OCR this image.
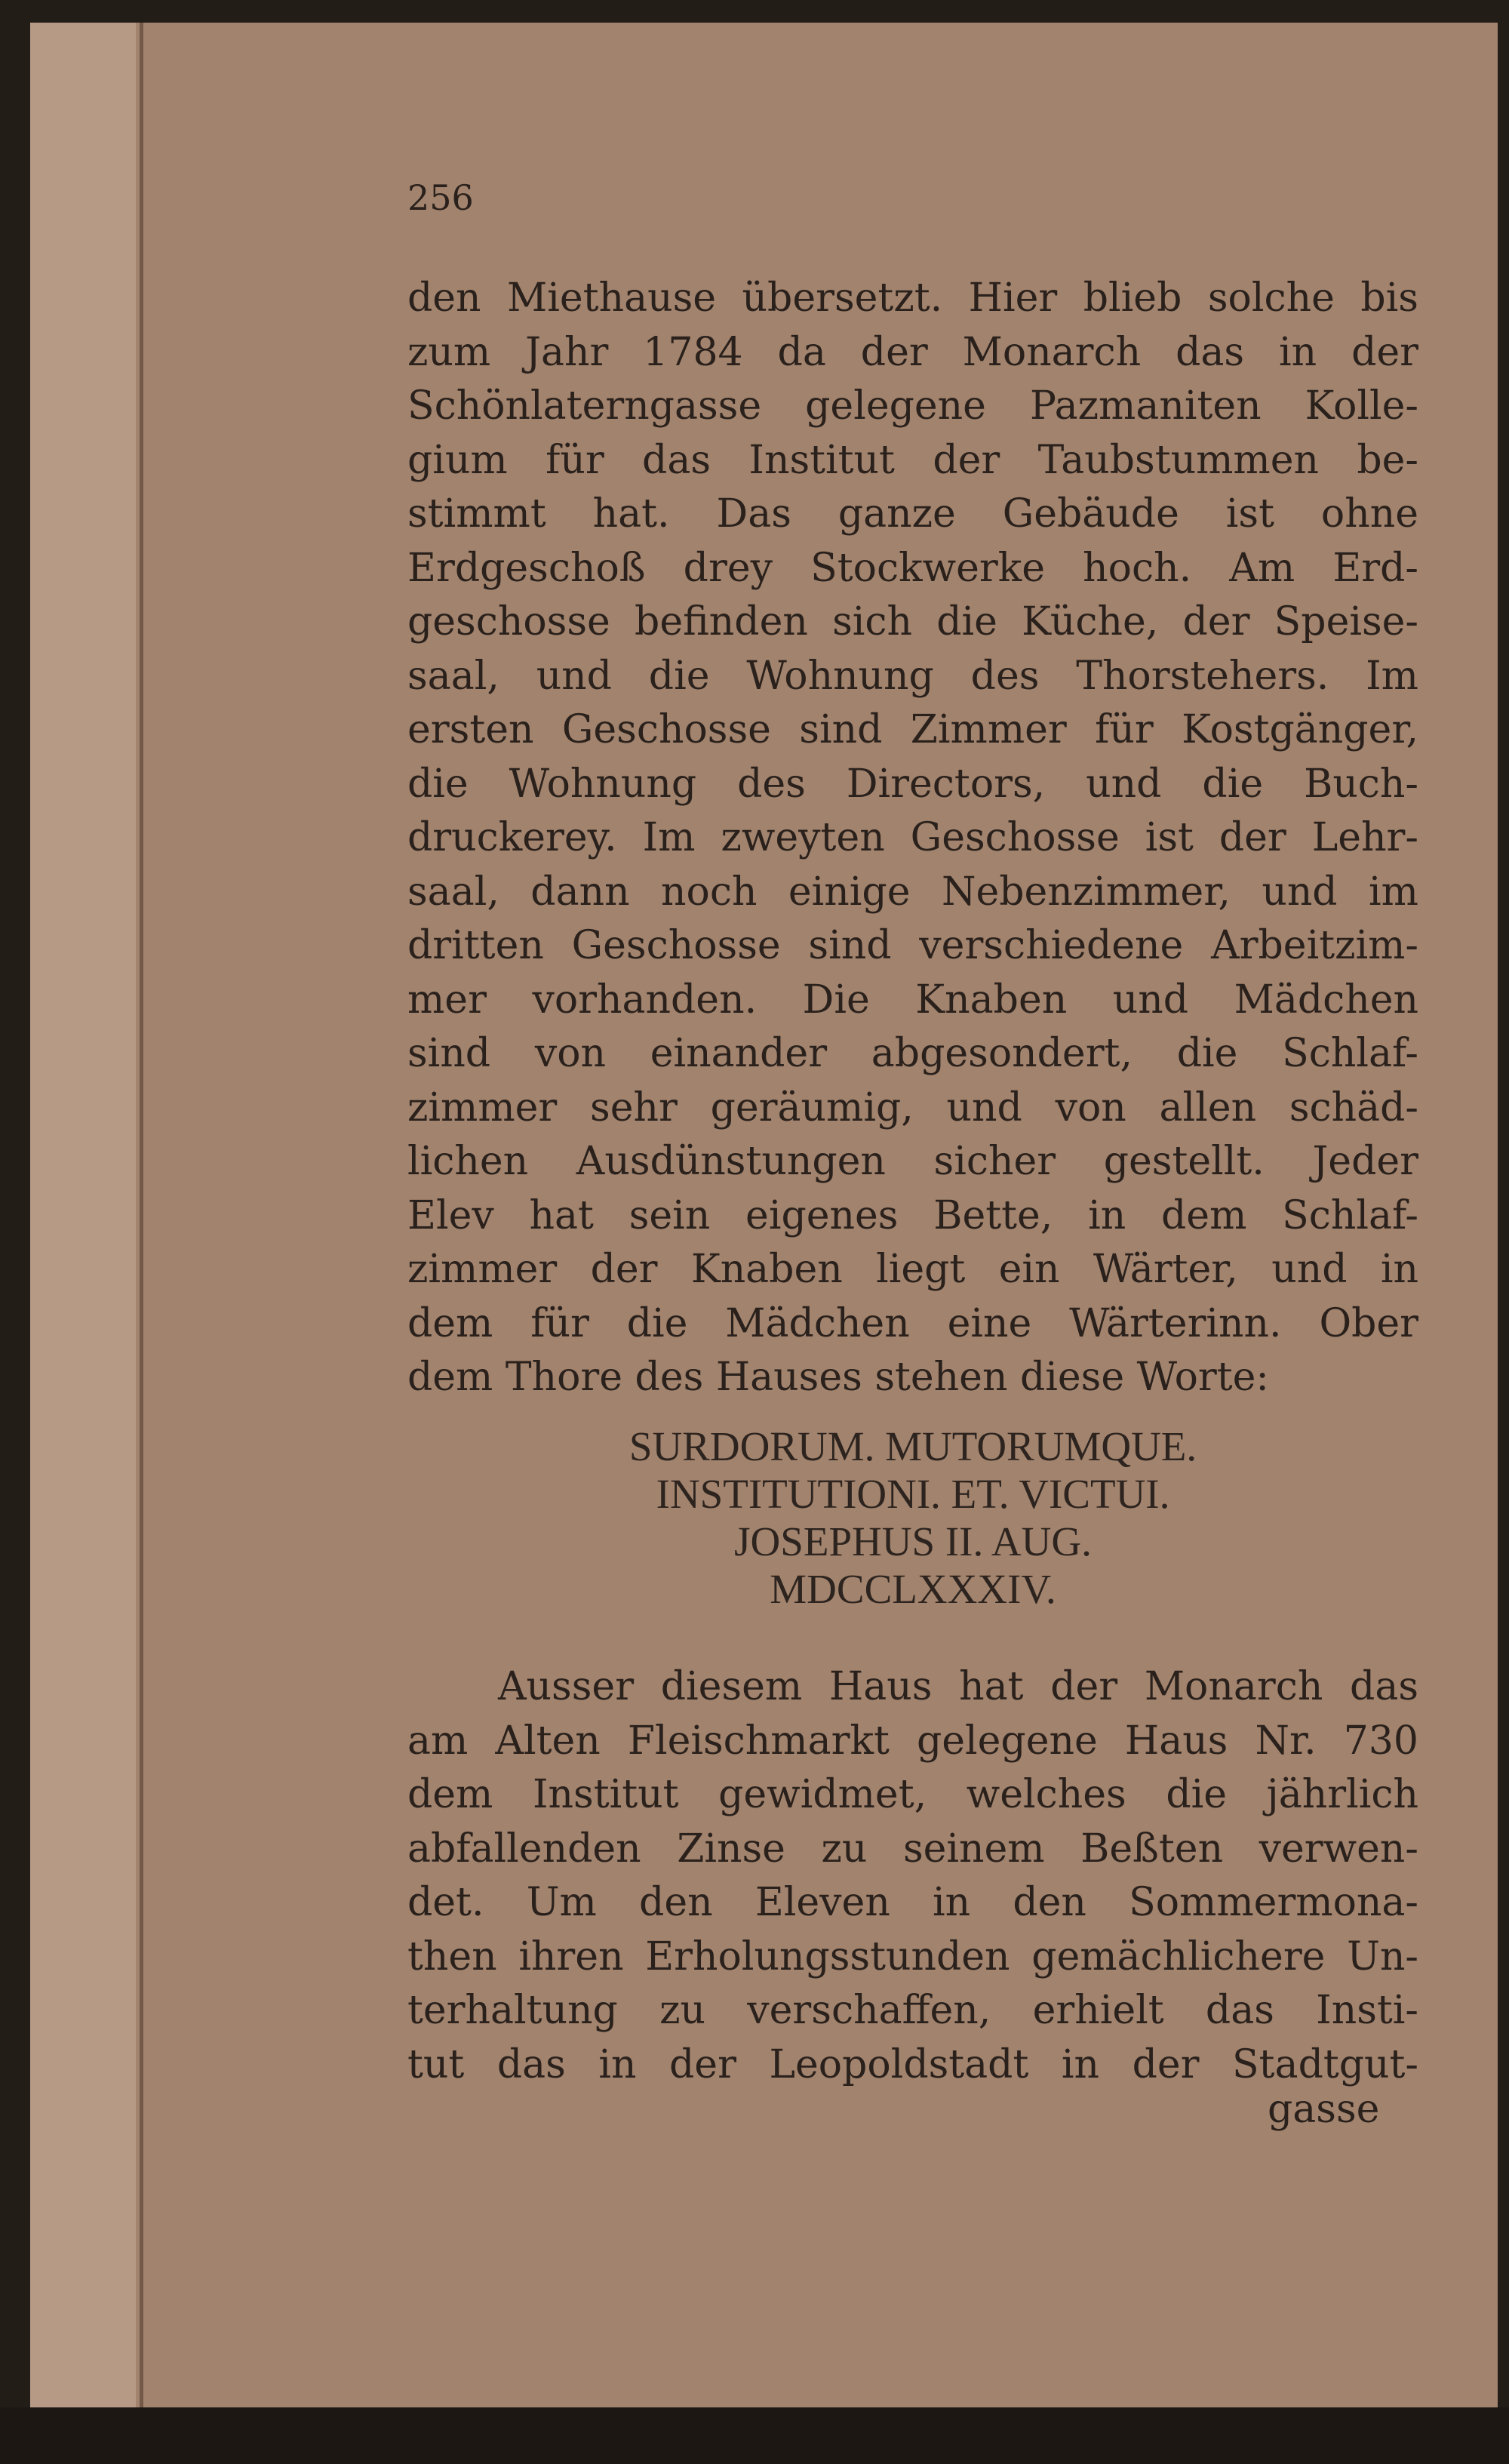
256
den Miethause übersetzt. Hier blieb solche bis
zum Jahr 1784 da der Monarch das in der
Schönlaterngasse gelegene Pazmaniten Kolle-
gium für das Institut der Taubstummen be-
stimmt hat. Das ganze Gebäude ist ohne
Erdgeschoß drey Stockwerke hoch. Am Erd-
geschosse befinden sich die Küche, der Speise-
saal, und die Wohnung des Thorstehers. Im
ersten Geschosse sind Zimmer für Kostgänger,
die Wohnung des Directors, und die Buch-
druckerey. Im zweyten Geschosse ist der Lehr-
saal, dann noch einige Nebenzimmer, und im
dritten Geschosse sind verschiedene Arbeitzim-
mer vorhanden. Die Knaben und Mädchen
sind von einander abgesondert, die Schlaf-
zimmer sehr geräumig, und von allen schäd-
lichen Ausdünstungen sicher gestellt. Jeder
Elev hat sein eigenes Bette, in dem Schlaf-
zimmer der Knaben liegt ein Wärter, und in
dem für die Mädchen eine Wärterinn. Ober
dem Thore des Hauses stehen diese Worte:
SURDORUM. MUTORUMQUE.
INSTITUTIONI. ET. VICTUI.
JOSEPHUS II. AUG.
MDCCLXXXIV.
Ausser diesem Haus hat der Monarch das
am Alten Fleischmarkt gelegene Haus Nr. 730
dem Institut gewidmet, welches die jährlich
abfallenden Zinse zu seinem Beßten verwen-
det. Um den Eleven in den Sommermona-
then ihren Erholungsstunden gemächlichere Un-
terhaltung zu verschaffen, erhielt das Insti-
tut das in der Leopoldstadt in der Stadtgut-
gasse
